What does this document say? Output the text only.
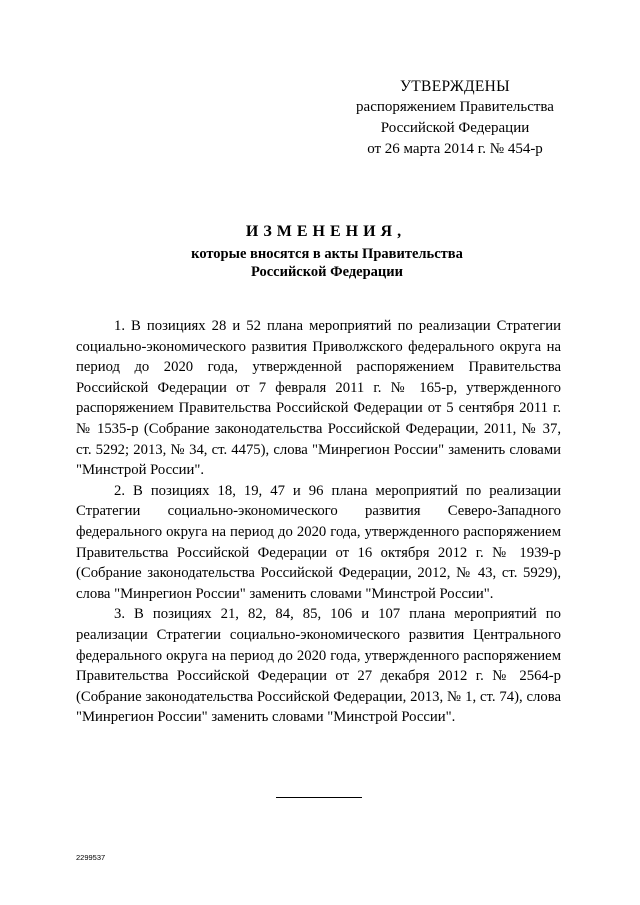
УТВЕРЖДЕНЫ
распоряжением Правительства
Российской Федерации
от 26 марта 2014 г. № 454-р
ИЗМЕНЕНИЯ,
которые вносятся в акты Правительства
Российской Федерации

1. В позициях 28 и 52 плана мероприятий по реализации Стратегии социально-экономического развития Приволжского федерального округа на период до 2020 года, утвержденной распоряжением Правительства Российской Федерации от 7 февраля 2011 г. № 165-р, утвержденного распоряжением Правительства Российской Федерации от 5 сентября 2011 г. № 1535-р (Собрание законодательства Российской Федерации, 2011, № 37, ст. 5292; 2013, № 34, ст. 4475), слова "Минрегион России" заменить словами "Минстрой России".

2. В позициях 18, 19, 47 и 96 плана мероприятий по реализации Стратегии социально-экономического развития Северо-Западного федерального округа на период до 2020 года, утвержденного распоряжением Правительства Российской Федерации от 16 октября 2012 г. № 1939-р (Собрание законодательства Российской Федерации, 2012, № 43, ст. 5929), слова "Минрегион России" заменить словами "Минстрой России".

3. В позициях 21, 82, 84, 85, 106 и 107 плана мероприятий по реализации Стратегии социально-экономического развития Центрального федерального округа на период до 2020 года, утвержденного распоряжением Правительства Российской Федерации от 27 декабря 2012 г. № 2564-р (Собрание законодательства Российской Федерации, 2013, № 1, ст. 74), слова "Минрегион России" заменить словами "Минстрой России".

2299537
